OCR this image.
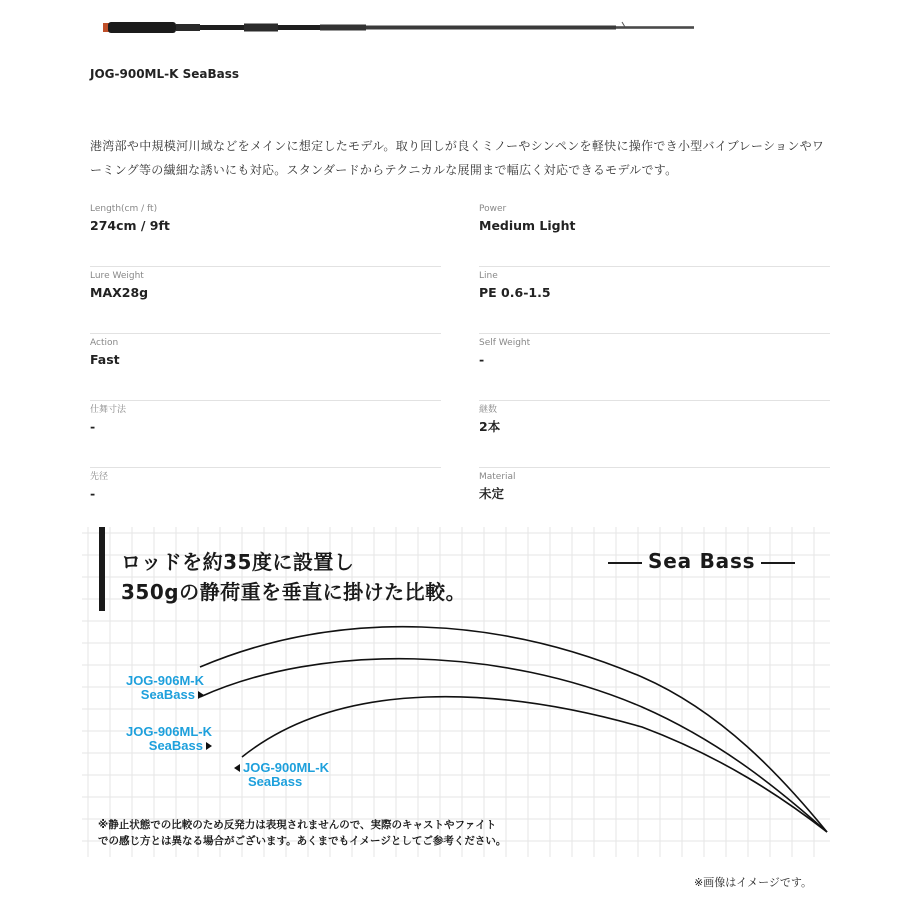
JOG-900ML-K SeaBass
港湾部や中規模河川域などをメインに想定したモデル。取り回しが良くミノーやシンペンを軽快に操作でき小型バイブレーションやワーミング等の繊細な誘いにも対応。スタンダードからテクニカルな展開まで幅広く対応できるモデルです。
Length(cm / ft)
274cm / 9ft
Power
Medium Light
Lure Weight
MAX28g
Line
PE 0.6-1.5
Action
Fast
Self Weight
-
仕舞寸法
-
継数
2本
先径
-
Material
未定
ロッドを約35度に設置し
350gの静荷重を垂直に掛けた比較。
Sea Bass
JOG-906M-K
SeaBass
JOG-906ML-K
SeaBass
JOG-900ML-K
SeaBass
※静止状態での比較のため反発力は表現されませんので、実際のキャストやファイト
での感じ方とは異なる場合がございます。あくまでもイメージとしてご参考ください。
※画像はイメージです。
